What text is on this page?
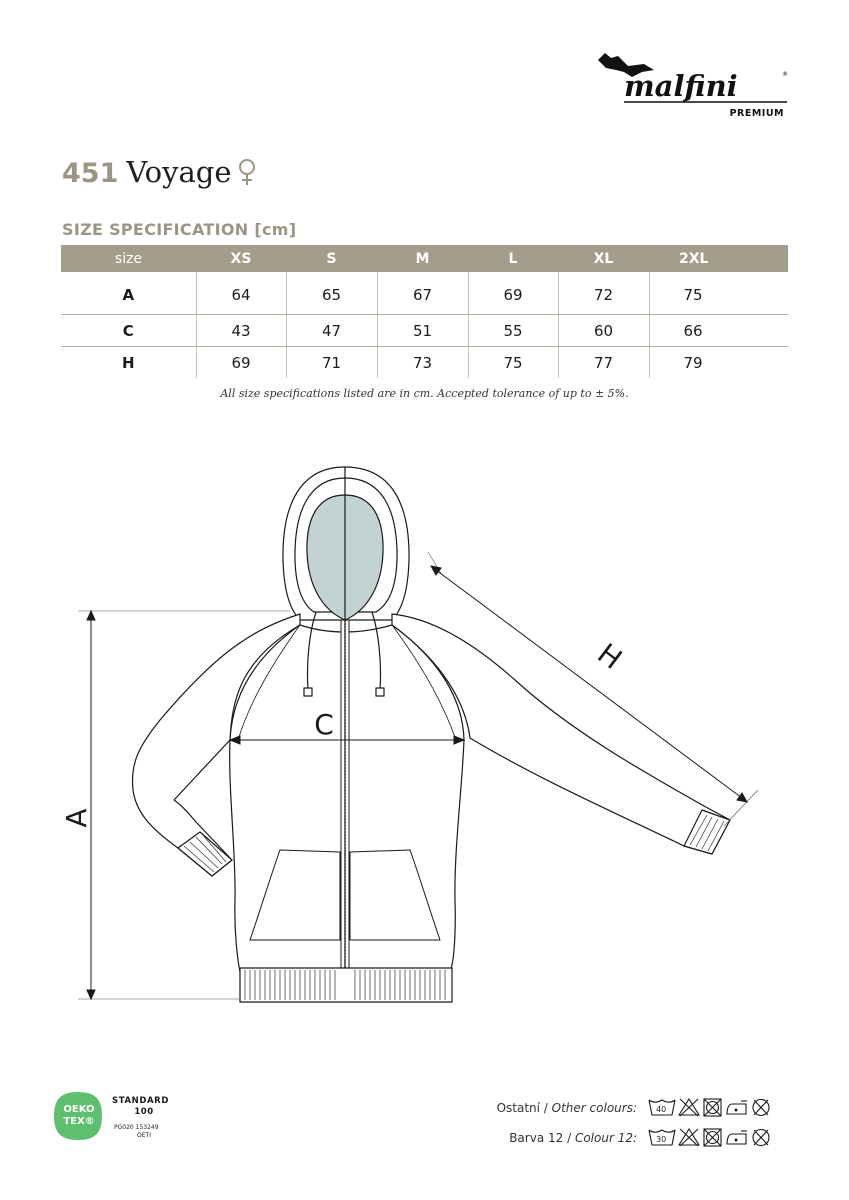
malfini	®
PREMIUM
451 Voyage
SIZE SPECIFICATION [cm]
size	XS	S	M	L	XL	2XL
A	64	65	67	69	72	75
C	43	47	51	55	60	66
H	69	71	73	75	77	79
All size specifications listed are in cm. Accepted tolerance of up to ± 5%.
A
C
H
OEKO
TEX®
STANDARD
100
PG020 153249
OETI
Ostatní / Other colours: 40
Barva 12 / Colour 12: 30
